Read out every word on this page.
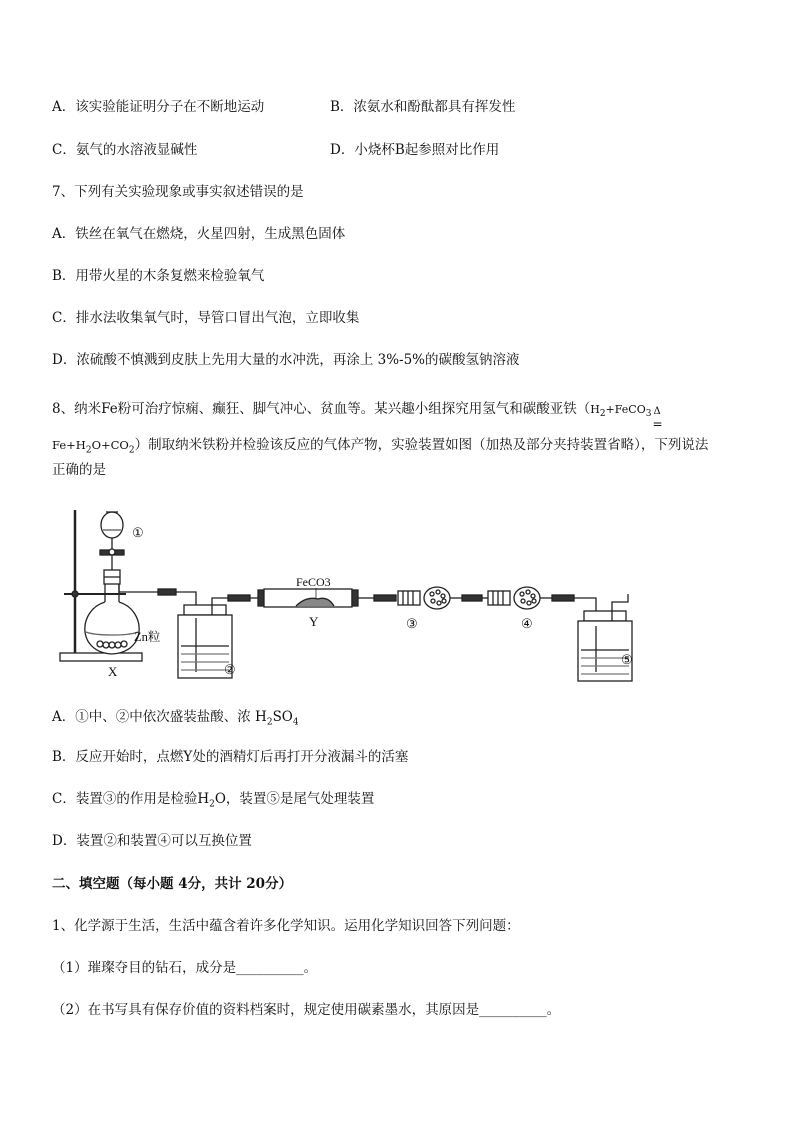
A．该实验能证明分子在不断地运动	B．浓氨水和酚酞都具有挥发性
C．氨气的水溶液显碱性	D．小烧杯B起参照对比作用
7、下列有关实验现象或事实叙述错误的是
A．铁丝在氧气在燃烧，火星四射，生成黑色固体
B．用带火星的木条复燃来检验氧气
C．排水法收集氧气时，导管口冒出气泡，立即收集
D．浓硫酸不慎溅到皮肤上先用大量的水冲洗，再涂上 3%-5%的碳酸氢钠溶液
8、纳米Fe粉可治疗惊痫、癫狂、脚气冲心、贫血等。某兴趣小组探究用氢气和碳酸亚铁（$H_2+FeCO_3$ Δ
=
$Fe+H_2O+CO_2$）制取纳米铁粉并检验该反应的气体产物，实验装置如图（加热及部分夹持装置省略），下列说法
正确的是
①
②
③	④
⑤
FeCO3
Y
X
Zn粒
A．①中、②中依次盛装盐酸、浓 $H_2SO_4$
B．反应开始时，点燃Y处的酒精灯后再打开分液漏斗的活塞
C．装置③的作用是检验$H_2O$，装置⑤是尾气处理装置
D．装置②和装置④可以互换位置
二、填空题（每小题 4分，共计 20分）
1、化学源于生活，生活中蕴含着许多化学知识。运用化学知识回答下列问题：
（1）璀璨夺目的钻石，成分是__________。
（2）在书写具有保存价值的资料档案时，规定使用碳素墨水，其原因是__________。
